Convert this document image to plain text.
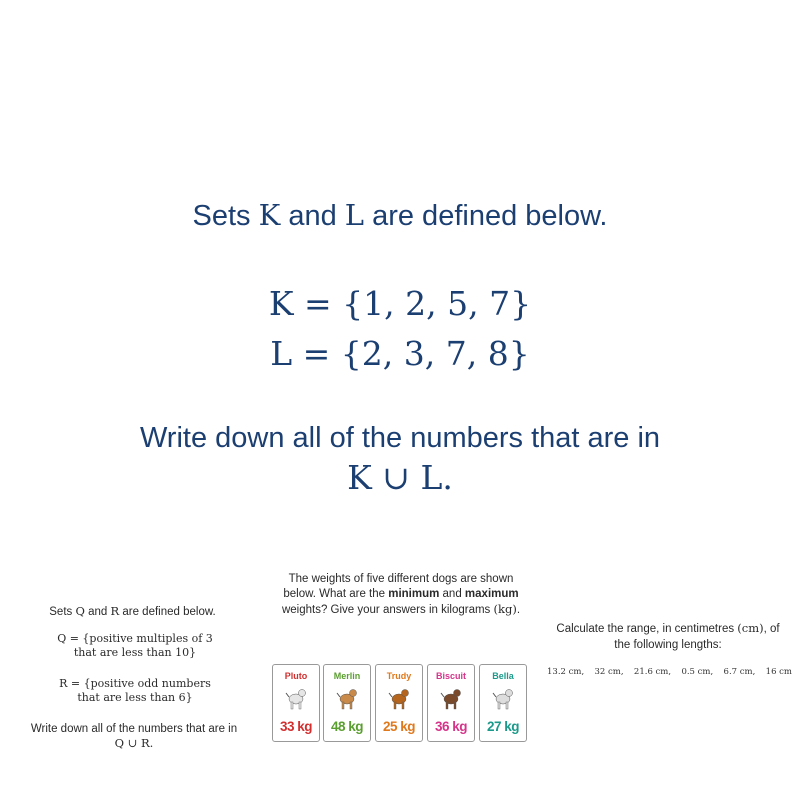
Sets K and L are defined below.
K = {1, 2, 5, 7}
L = {2, 3, 7, 8}
Write down all of the numbers that are in
K ∪ L.
Sets Q and R are defined below.
Q = {positive multiples of 3
that are less than 10}
R = {positive odd numbers
that are less than 6}
Write down all of the numbers that are in
Q ∪ R.
The weights of five different dogs are shown below. What are the minimum and maximum weights? Give your answers in kilograms (kg).
Pluto
33 kg
Merlin
48 kg
Trudy
25 kg
Biscuit
36 kg
Bella
27 kg
Calculate the range, in centimetres (cm), of the following lengths:
13.2 cm, 32 cm, 21.6 cm, 0.5 cm, 6.7 cm, 16 cm
